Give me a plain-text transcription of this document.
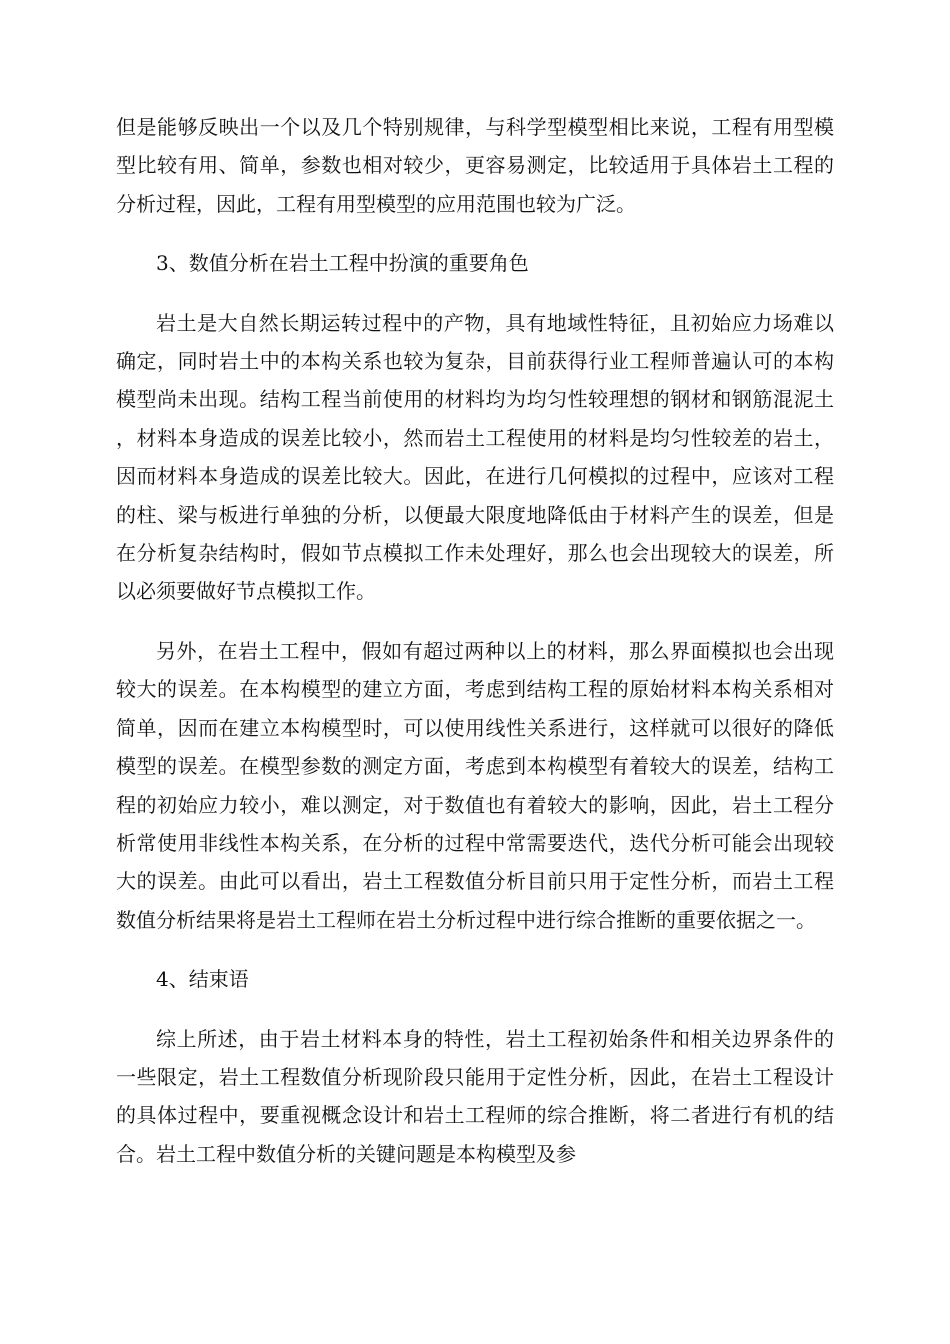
但是能够反映出一个以及几个特别规律，与科学型模型相比来说，工程有用型模型比较有用、简单，参数也相对较少，更容易测定，比较适用于具体岩土工程的分析过程，因此，工程有用型模型的应用范围也较为广泛。

3、数值分析在岩土工程中扮演的重要角色

岩土是大自然长期运转过程中的产物，具有地域性特征，且初始应力场难以确定，同时岩土中的本构关系也较为复杂，目前获得行业工程师普遍认可的本构模型尚未出现。结构工程当前使用的材料均为均匀性较理想的钢材和钢筋混泥土，材料本身造成的误差比较小，然而岩土工程使用的材料是均匀性较差的岩土，因而材料本身造成的误差比较大。因此，在进行几何模拟的过程中，应该对工程的柱、梁与板进行单独的分析，以便最大限度地降低由于材料产生的误差，但是在分析复杂结构时，假如节点模拟工作未处理好，那么也会出现较大的误差，所以必须要做好节点模拟工作。

另外，在岩土工程中，假如有超过两种以上的材料，那么界面模拟也会出现较大的误差。在本构模型的建立方面，考虑到结构工程的原始材料本构关系相对简单，因而在建立本构模型时，可以使用线性关系进行，这样就可以很好的降低模型的误差。在模型参数的测定方面，考虑到本构模型有着较大的误差，结构工程的初始应力较小，难以测定，对于数值也有着较大的影响，因此，岩土工程分析常使用非线性本构关系，在分析的过程中常需要迭代，迭代分析可能会出现较大的误差。由此可以看出，岩土工程数值分析目前只用于定性分析，而岩土工程数值分析结果将是岩土工程师在岩土分析过程中进行综合推断的重要依据之一。

4、结束语

综上所述，由于岩土材料本身的特性，岩土工程初始条件和相关边界条件的一些限定，岩土工程数值分析现阶段只能用于定性分析，因此，在岩土工程设计的具体过程中，要重视概念设计和岩土工程师的综合推断，将二者进行有机的结合。岩土工程中数值分析的关键问题是本构模型及参
